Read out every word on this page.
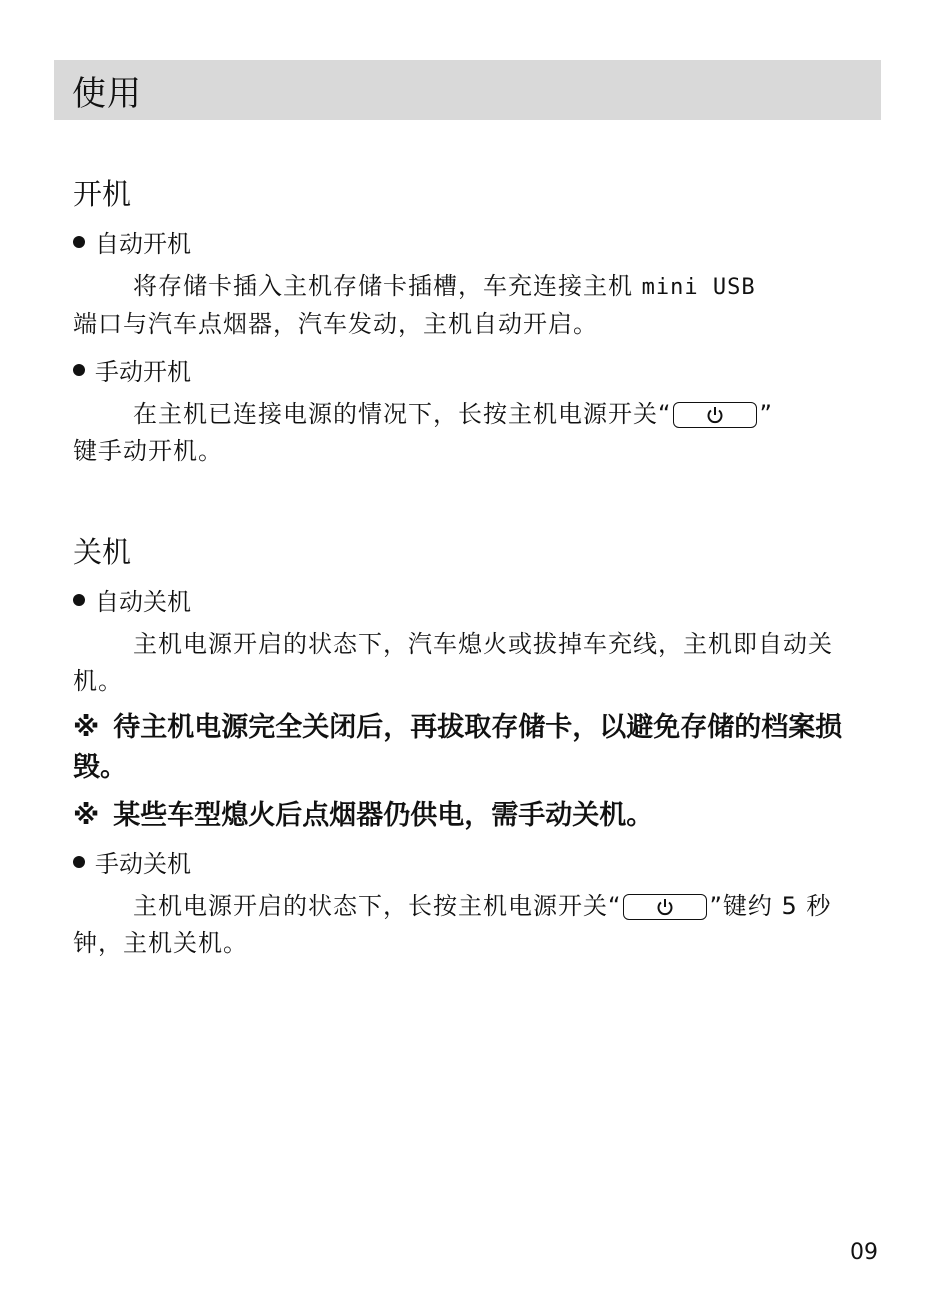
使用
开机
自动开机

将存储卡插入主机存储卡插槽，车充连接主机 mini USB
端口与汽车点烟器，汽车发动，主机自动开启。

手动开机

在主机已连接电源的情况下，长按主机电源开关“	”
键手动开机。

关机
自动关机

主机电源开启的状态下，汽车熄火或拔掉车充线，主机即自动关机。

※ 待主机电源完全关闭后，再拔取存储卡，以避免存储的档案损毁。

※ 某些车型熄火后点烟器仍供电，需手动关机。

手动关机

主机电源开启的状态下，长按主机电源开关“	”键约 5 秒钟，主机关机。

09
